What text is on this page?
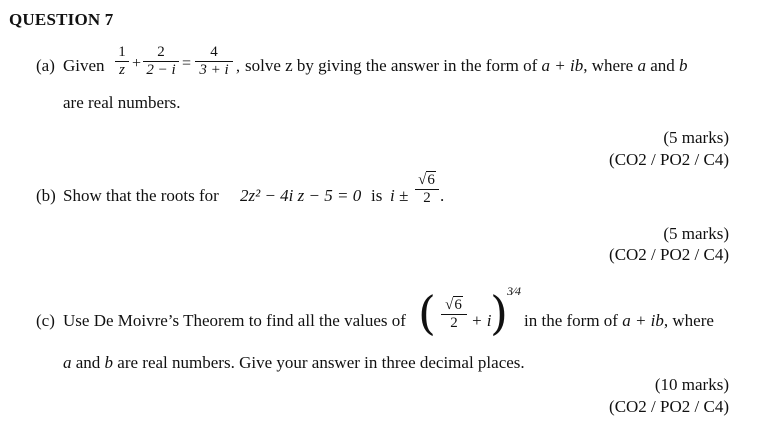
QUESTION 7
(a) Given
1
z +
2
2 − i =
4
3 + i , solve z by giving the answer in the form of a + ib, where a and b
are real numbers.
(5 marks)
(CO2 / PO2 / C4)
(b) Show that the roots for 2z² − 4i z − 5 = 0 is i ±
√6
2 .
(5 marks)
(CO2 / PO2 / C4)
(c) Use De Moivre’s Theorem to find all the values of ( √6
2 + i
) 3⁄4
in the form of a + ib, where
a and b are real numbers. Give your answer in three decimal places.
(10 marks)
(CO2 / PO2 / C4)
